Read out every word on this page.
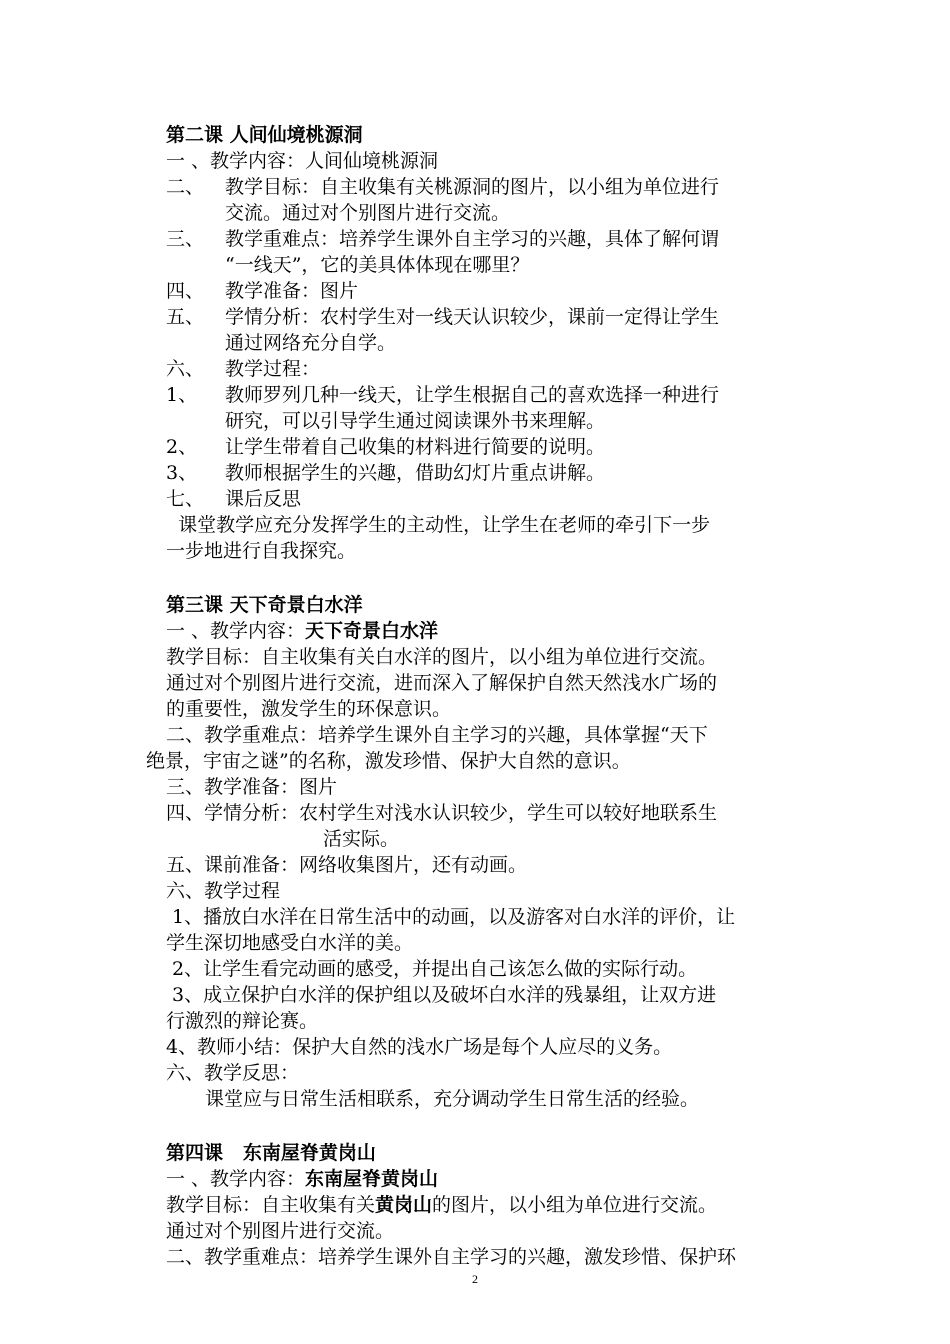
第二课 人间仙境桃源洞
一 、教学内容：人间仙境桃源洞
二、 教学目标：自主收集有关桃源洞的图片，以小组为单位进行
交流。通过对个别图片进行交流。
三、 教学重难点：培养学生课外自主学习的兴趣，具体了解何谓
“一线天”，它的美具体体现在哪里？
四、 教学准备：图片
五、 学情分析：农村学生对一线天认识较少，课前一定得让学生
通过网络充分自学。
六、 教学过程：
1、 教师罗列几种一线天，让学生根据自己的喜欢选择一种进行
研究，可以引导学生通过阅读课外书来理解。
2、 让学生带着自己收集的材料进行简要的说明。
3、 教师根据学生的兴趣，借助幻灯片重点讲解。
七、 课后反思
课堂教学应充分发挥学生的主动性，让学生在老师的牵引下一步
一步地进行自我探究。
第三课 天下奇景白水洋
一 、教学内容：天下奇景白水洋
教学目标：自主收集有关白水洋的图片，以小组为单位进行交流。
通过对个别图片进行交流，进而深入了解保护自然天然浅水广场的
的重要性，激发学生的环保意识。
二、教学重难点：培养学生课外自主学习的兴趣，具体掌握“天下
绝景，宇宙之谜”的名称，激发珍惜、保护大自然的意识。
三、教学准备：图片
四、学情分析：农村学生对浅水认识较少，学生可以较好地联系生
活实际。
五、课前准备：网络收集图片，还有动画。
六、教学过程
1、播放白水洋在日常生活中的动画，以及游客对白水洋的评价，让
学生深切地感受白水洋的美。
2、让学生看完动画的感受，并提出自己该怎么做的实际行动。
3、成立保护白水洋的保护组以及破坏白水洋的残暴组，让双方进
行激烈的辩论赛。
4、教师小结：保护大自然的浅水广场是每个人应尽的义务。
六、教学反思：
课堂应与日常生活相联系，充分调动学生日常生活的经验。
第四课   东南屋脊黄岗山
一 、教学内容：东南屋脊黄岗山
教学目标：自主收集有关黄岗山的图片，以小组为单位进行交流。
通过对个别图片进行交流。
二、教学重难点：培养学生课外自主学习的兴趣，激发珍惜、保护环
2
